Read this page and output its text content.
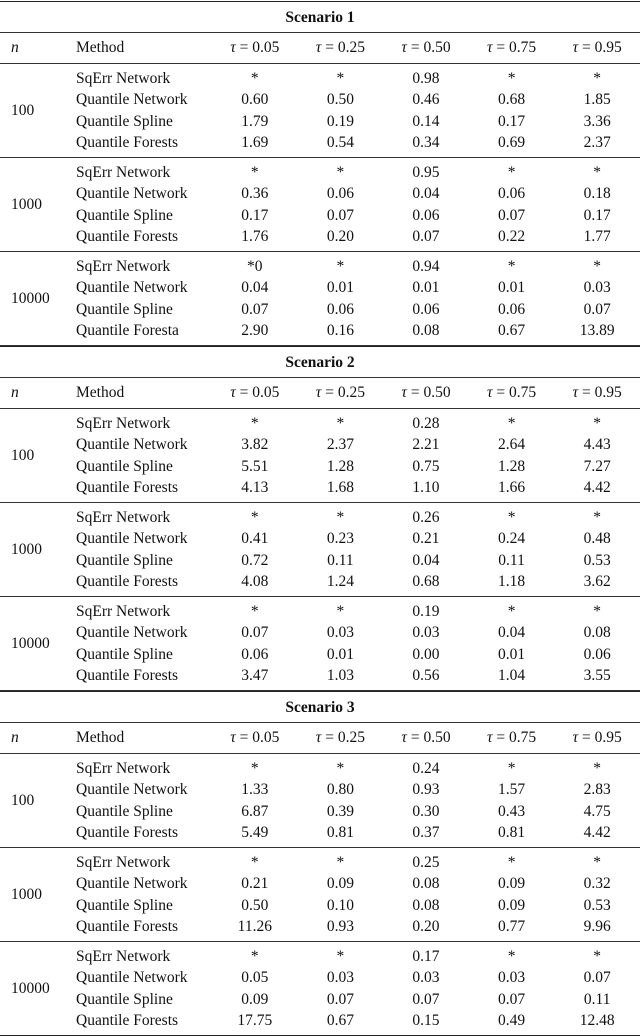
Scenario 1
n	Method	τ = 0.05	τ = 0.25	τ = 0.50	τ = 0.75	τ = 0.95
100
SqErr Network	*	*	0.98	*	*
Quantile Network	0.60	0.50	0.46	0.68	1.85
Quantile Spline	1.79	0.19	0.14	0.17	3.36
Quantile Forests	1.69	0.54	0.34	0.69	2.37
1000
SqErr Network	*	*	0.95	*	*
Quantile Network	0.36	0.06	0.04	0.06	0.18
Quantile Spline	0.17	0.07	0.06	0.07	0.17
Quantile Forests	1.76	0.20	0.07	0.22	1.77
10000
SqErr Network	*0	*	0.94	*	*
Quantile Network	0.04	0.01	0.01	0.01	0.03
Quantile Spline	0.07	0.06	0.06	0.06	0.07
Quantile Foresta	2.90	0.16	0.08	0.67	13.89
Scenario 2
n	Method	τ = 0.05	τ = 0.25	τ = 0.50	τ = 0.75	τ = 0.95
100
SqErr Network	*	*	0.28	*	*
Quantile Network	3.82	2.37	2.21	2.64	4.43
Quantile Spline	5.51	1.28	0.75	1.28	7.27
Quantile Forests	4.13	1.68	1.10	1.66	4.42
1000
SqErr Network	*	*	0.26	*	*
Quantile Network	0.41	0.23	0.21	0.24	0.48
Quantile Spline	0.72	0.11	0.04	0.11	0.53
Quantile Forests	4.08	1.24	0.68	1.18	3.62
10000
SqErr Network	*	*	0.19	*	*
Quantile Network	0.07	0.03	0.03	0.04	0.08
Quantile Spline	0.06	0.01	0.00	0.01	0.06
Quantile Forests	3.47	1.03	0.56	1.04	3.55
Scenario 3
n	Method	τ = 0.05	τ = 0.25	τ = 0.50	τ = 0.75	τ = 0.95
100
SqErr Network	*	*	0.24	*	*
Quantile Network	1.33	0.80	0.93	1.57	2.83
Quantile Spline	6.87	0.39	0.30	0.43	4.75
Quantile Forests	5.49	0.81	0.37	0.81	4.42
1000
SqErr Network	*	*	0.25	*	*
Quantile Network	0.21	0.09	0.08	0.09	0.32
Quantile Spline	0.50	0.10	0.08	0.09	0.53
Quantile Forests	11.26	0.93	0.20	0.77	9.96
10000
SqErr Network	*	*	0.17	*	*
Quantile Network	0.05	0.03	0.03	0.03	0.07
Quantile Spline	0.09	0.07	0.07	0.07	0.11
Quantile Forests	17.75	0.67	0.15	0.49	12.48
